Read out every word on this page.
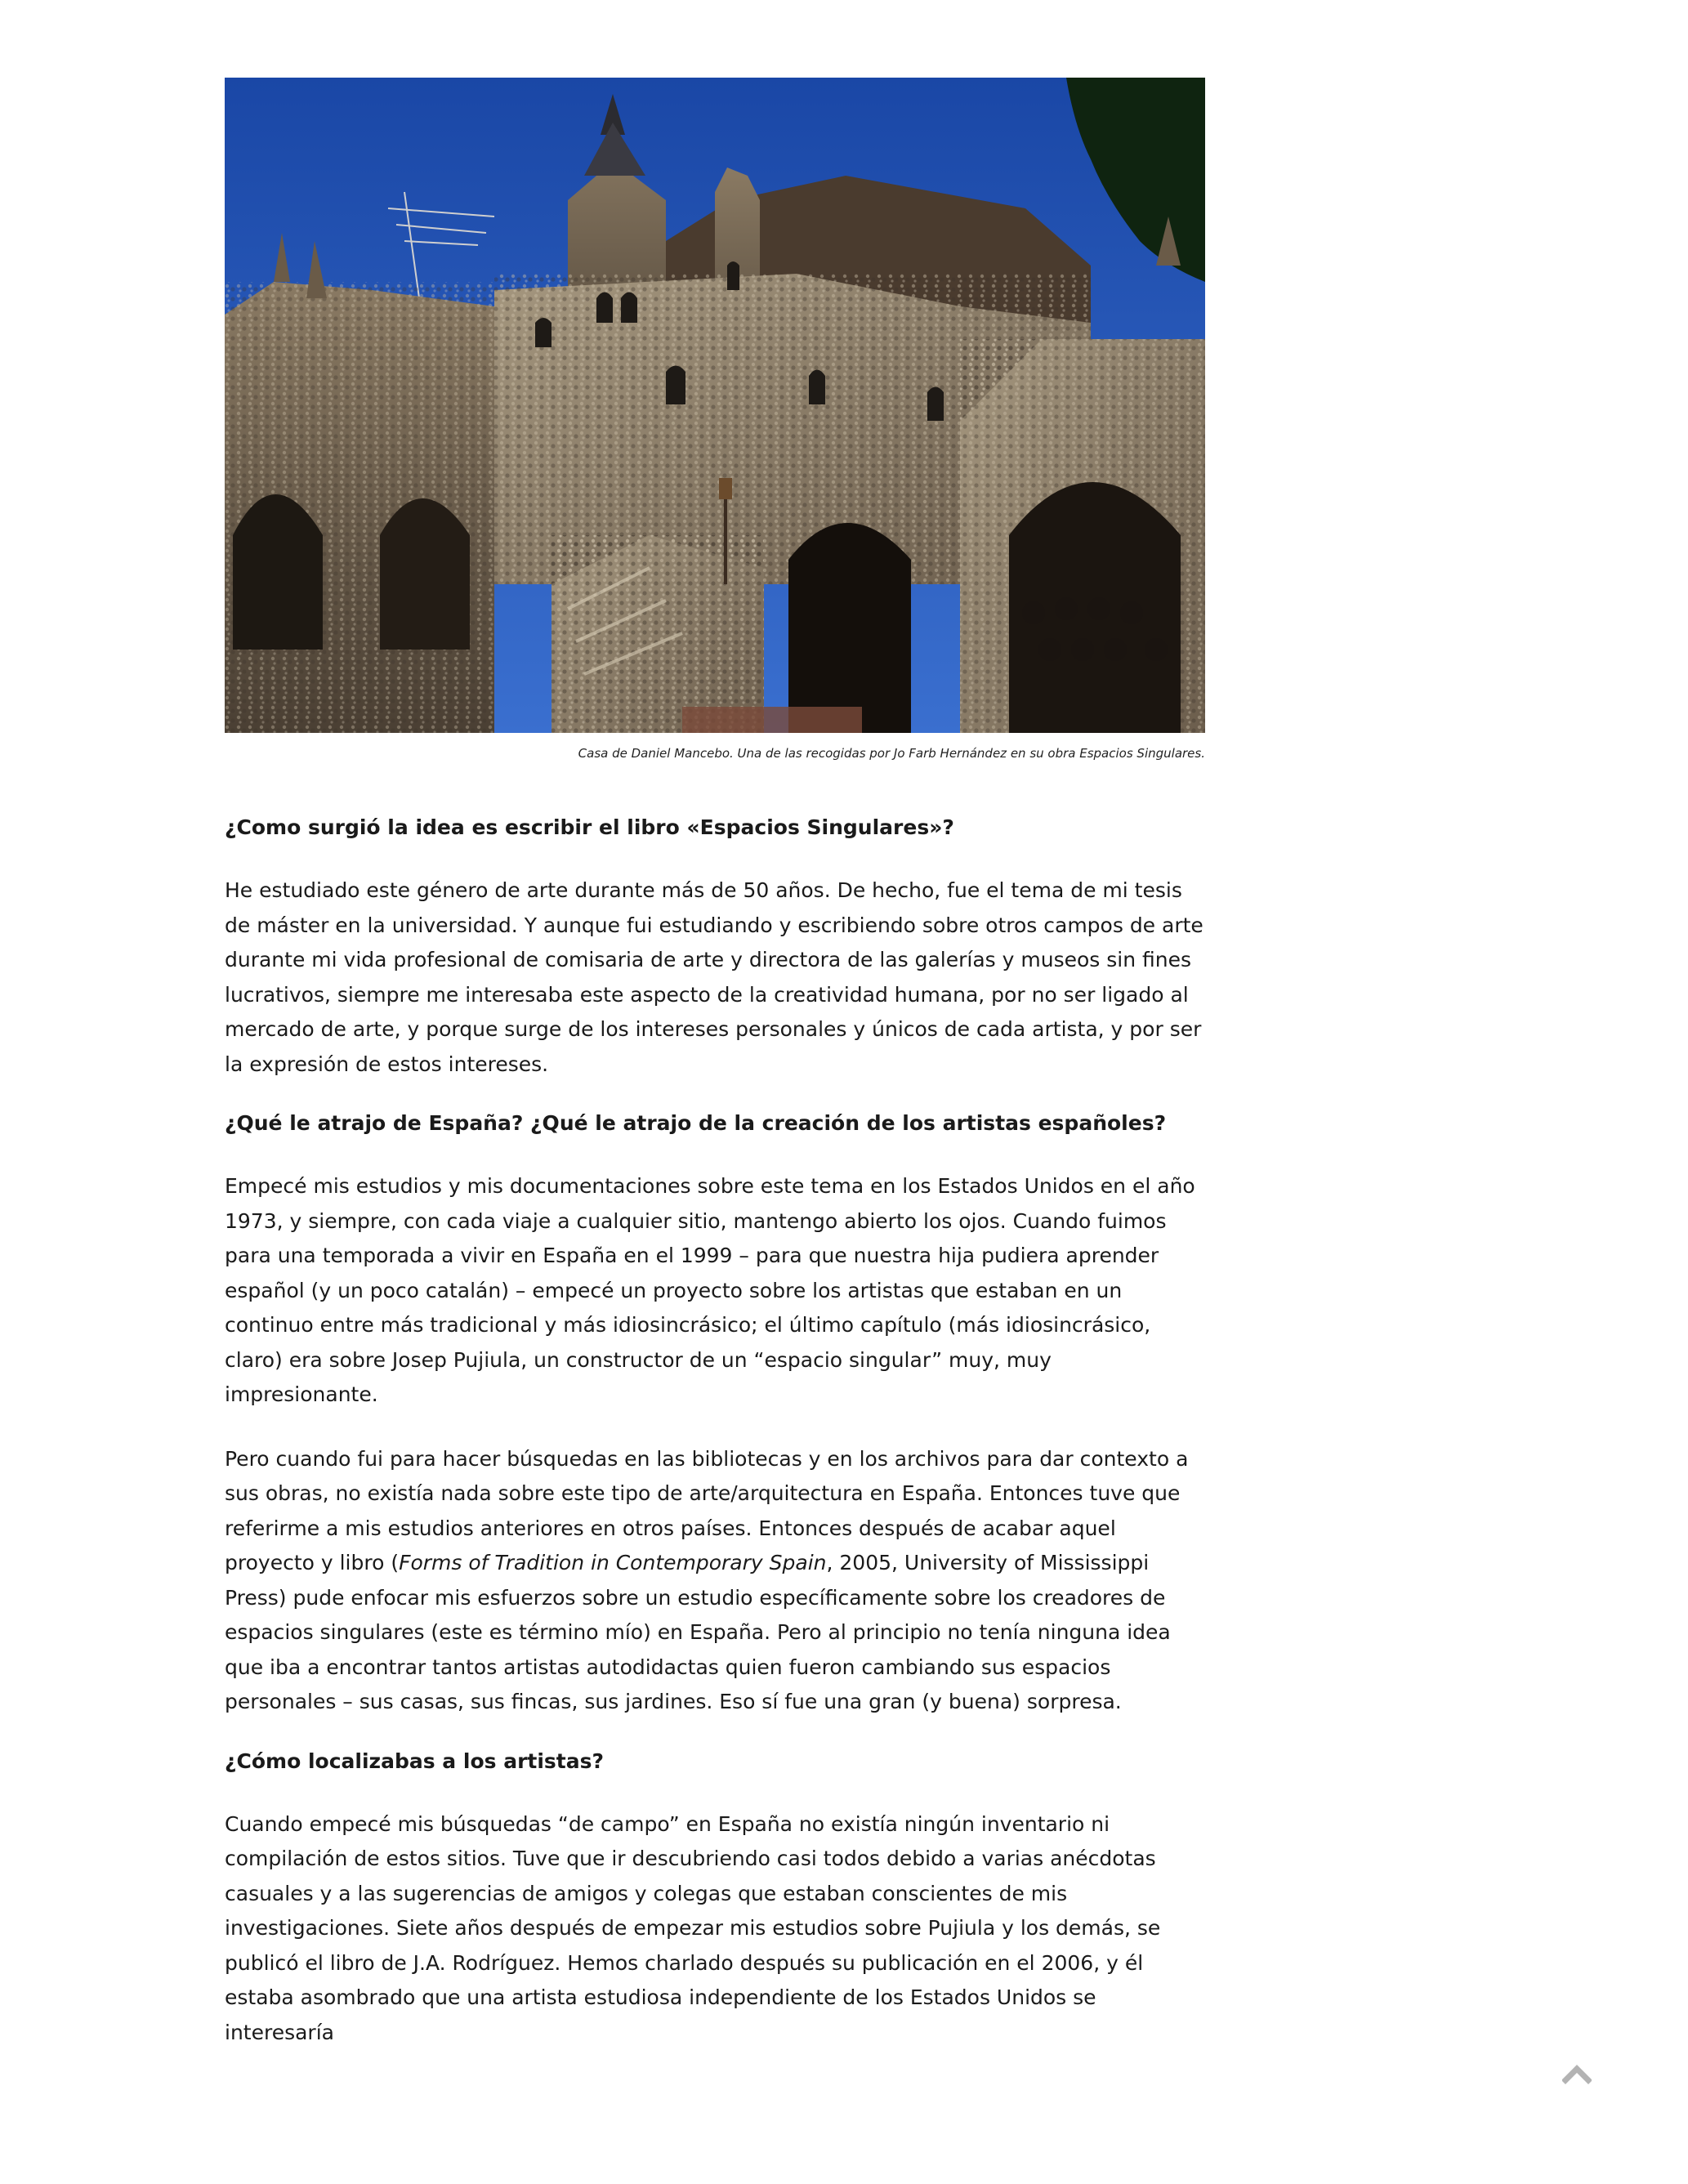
Casa de Daniel Mancebo. Una de las recogidas por Jo Farb Hernández en su obra Espacios Singulares.
¿Como surgió la idea es escribir el libro «Espacios Singulares»?

He estudiado este género de arte durante más de 50 años. De hecho, fue el tema de mi tesis de máster en la universidad. Y aunque fui estudiando y escribiendo sobre otros campos de arte durante mi vida profesional de comisaria de arte y directora de las galerías y museos sin fines lucrativos, siempre me interesaba este aspecto de la creatividad humana, por no ser ligado al mercado de arte, y porque surge de los intereses personales y únicos de cada artista, y por ser la expresión de estos intereses.

¿Qué le atrajo de España? ¿Qué le atrajo de la creación de los artistas españoles?

Empecé mis estudios y mis documentaciones sobre este tema en los Estados Unidos en el año 1973, y siempre, con cada viaje a cualquier sitio, mantengo abierto los ojos. Cuando fuimos para una temporada a vivir en España en el 1999 – para que nuestra hija pudiera aprender español (y un poco catalán) – empecé un proyecto sobre los artistas que estaban en un continuo entre más tradicional y más idiosincrásico; el último capítulo (más idiosincrásico, claro) era sobre Josep Pujiula, un constructor de un “espacio singular” muy, muy impresionante.

Pero cuando fui para hacer búsquedas en las bibliotecas y en los archivos para dar contexto a sus obras, no existía nada sobre este tipo de arte/arquitectura en España. Entonces tuve que referirme a mis estudios anteriores en otros países. Entonces después de acabar aquel proyecto y libro (Forms of Tradition in Contemporary Spain, 2005, University of Mississippi Press) pude enfocar mis esfuerzos sobre un estudio específicamente sobre los creadores de espacios singulares (este es término mío) en España. Pero al principio no tenía ninguna idea que iba a encontrar tantos artistas autodidactas quien fueron cambiando sus espacios personales – sus casas, sus fincas, sus jardines. Eso sí fue una gran (y buena) sorpresa.

¿Cómo localizabas a los artistas?

Cuando empecé mis búsquedas “de campo” en España no existía ningún inventario ni compilación de estos sitios. Tuve que ir descubriendo casi todos debido a varias anécdotas casuales y a las sugerencias de amigos y colegas que estaban conscientes de mis investigaciones. Siete años después de empezar mis estudios sobre Pujiula y los demás, se publicó el libro de J.A. Rodríguez. Hemos charlado después su publicación en el 2006, y él estaba asombrado que una artista estudiosa independiente de los Estados Unidos se interesaría
